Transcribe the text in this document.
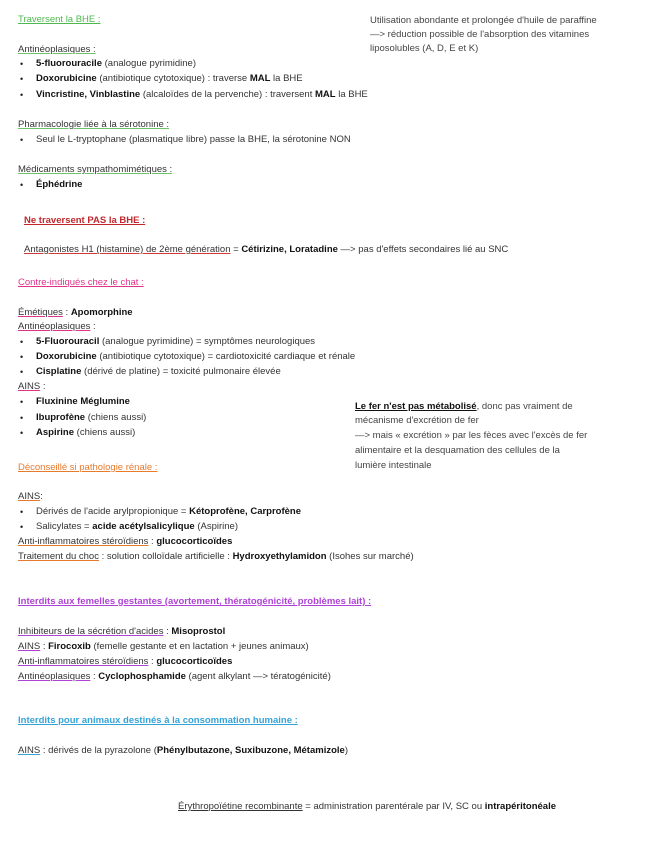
Traversent la BHE :
Antinéoplasiques :
• 5-fluorouracile (analogue pyrimidine)
• Doxorubicine (antibiotique cytotoxique) : traverse MAL la BHE
• Vincristine, Vinblastine (alcaloïdes de la pervenche) : traversent MAL la BHE
Pharmacologie liée à la sérotonine :
• Seul le L-tryptophane (plasmatique libre) passe la BHE, la sérotonine NON
Médicaments sympathomimétiques :
• Éphédrine
Utilisation abondante et prolongée d'huile de paraffine
—> réduction possible de l'absorption des vitamines
liposolubles (A, D, E et K)
Ne traversent PAS la BHE :
Antagonistes H1 (histamine) de 2ème génération = Cétirizine, Loratadine —> pas d'effets secondaires lié au SNC
Contre-indiqués chez le chat :
Émétiques : Apomorphine
Antinéoplasiques :
• 5-Fluorouracil (analogue pyrimidine) = symptômes neurologiques
• Doxorubicine (antibiotique cytotoxique) = cardiotoxicité cardiaque et rénale
• Cisplatine (dérivé de platine) = toxicité pulmonaire élevée
AINS :
• Fluxinine Méglumine
• Ibuprofène (chiens aussi)
• Aspirine (chiens aussi)
Le fer n'est pas métabolisé, donc pas vraiment de
mécanisme d'excrétion de fer
—> mais « excrétion » par les fèces avec l'excès de fer
alimentaire et la desquamation des cellules de la
lumière intestinale
Déconseillé si pathologie rénale :
AINS:
• Dérivés de l'acide arylpropionique = Kétoprofène, Carprofène
• Salicylates = acide acétylsalicylique (Aspirine)
Anti-inflammatoires stéroïdiens : glucocorticoïdes
Traitement du choc : solution colloïdale artificielle : Hydroxyethylamidon (Isohes sur marché)
Interdits aux femelles gestantes (avortement, thératogénicité, problèmes lait) :
Inhibiteurs de la sécrétion d'acides : Misoprostol
AINS : Firocoxib (femelle gestante et en lactation + jeunes animaux)
Anti-inflammatoires stéroïdiens : glucocorticoïdes
Antinéoplasiques : Cyclophosphamide (agent alkylant —> tératogénicité)
Interdits pour animaux destinés à la consommation humaine :
AINS : dérivés de la pyrazolone (Phénylbutazone, Suxibuzone, Métamizole)
Érythropoïétine recombinante = administration parentérale par IV, SC ou intrapéritonéale
